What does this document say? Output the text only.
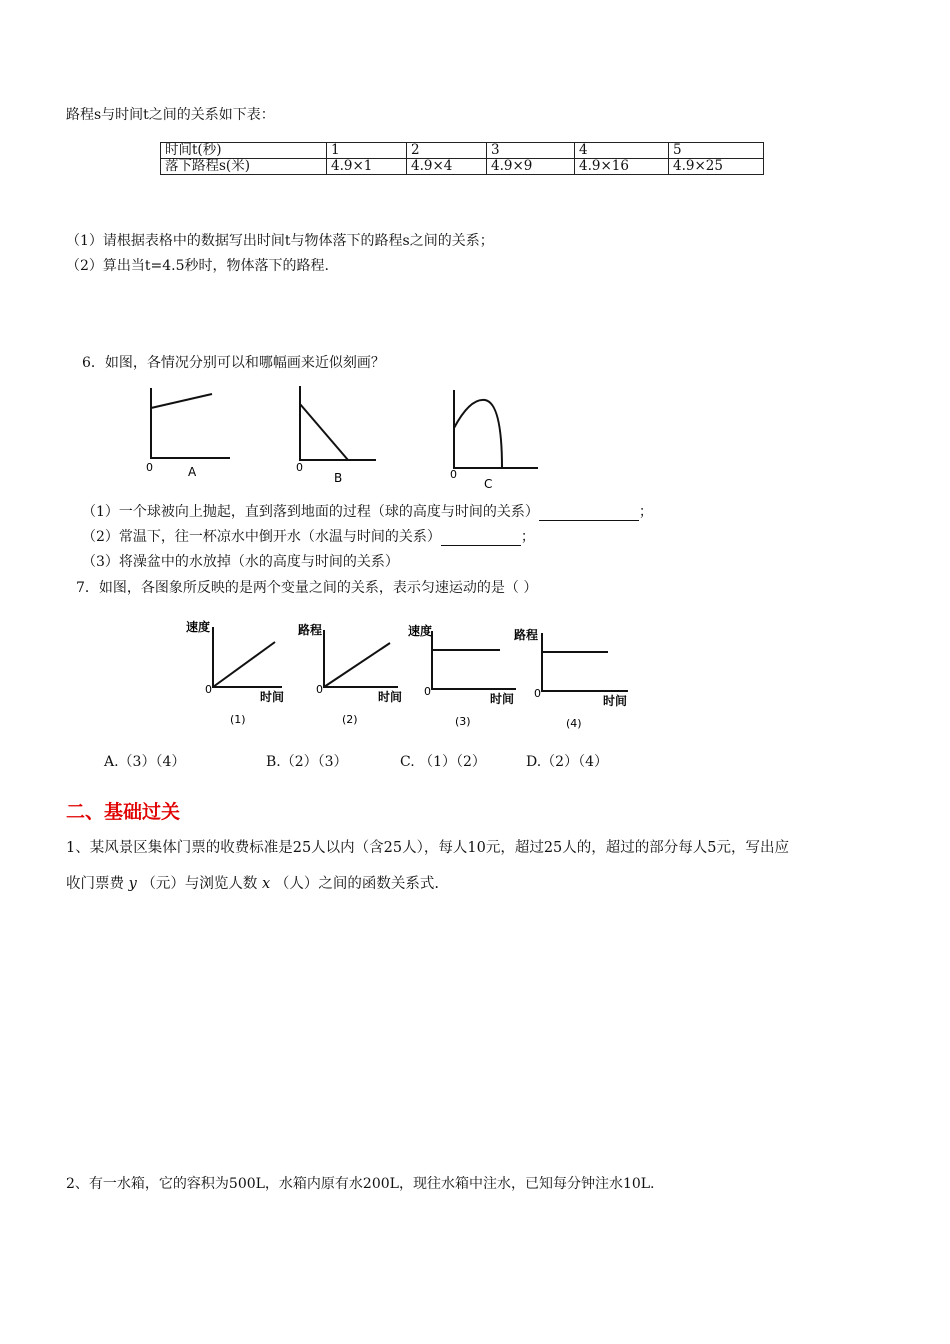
路程s与时间t之间的关系如下表：
时间t(秒)	1	2	3	4	5
落下路程s(米)	4.9×1	4.9×4	4.9×9	4.9×16	4.9×25
（1）请根据表格中的数据写出时间t与物体落下的路程s之间的关系；
（2）算出当t=4.5秒时，物体落下的路程.
6．如图，各情况分别可以和哪幅画来近似刻画？
0	A	0
B	0
C
（1）一个球被向上抛起，直到落到地面的过程（球的高度与时间的关系）	；
（2）常温下，往一杯凉水中倒开水（水温与时间的关系）	；
（3）将澡盆中的水放掉（水的高度与时间的关系）
7．如图，各图象所反映的是两个变量之间的关系，表示匀速运动的是（ ）
速度
0
时间
(1)
路程
0
时间
(2)
速度
0
时间
(3)
路程
0
时间
(4)
A.（3）（4）	B.（2）（3）	C. （1）（2）	D.（2）（4）
二、基础过关
1、某风景区集体门票的收费标准是25人以内（含25人），每人10元，超过25人的，超过的部分每人5元，写出应
收门票费 y （元）与浏览人数 x （人）之间的函数关系式.
2、有一水箱，它的容积为500L，水箱内原有水200L，现往水箱中注水，已知每分钟注水10L.
